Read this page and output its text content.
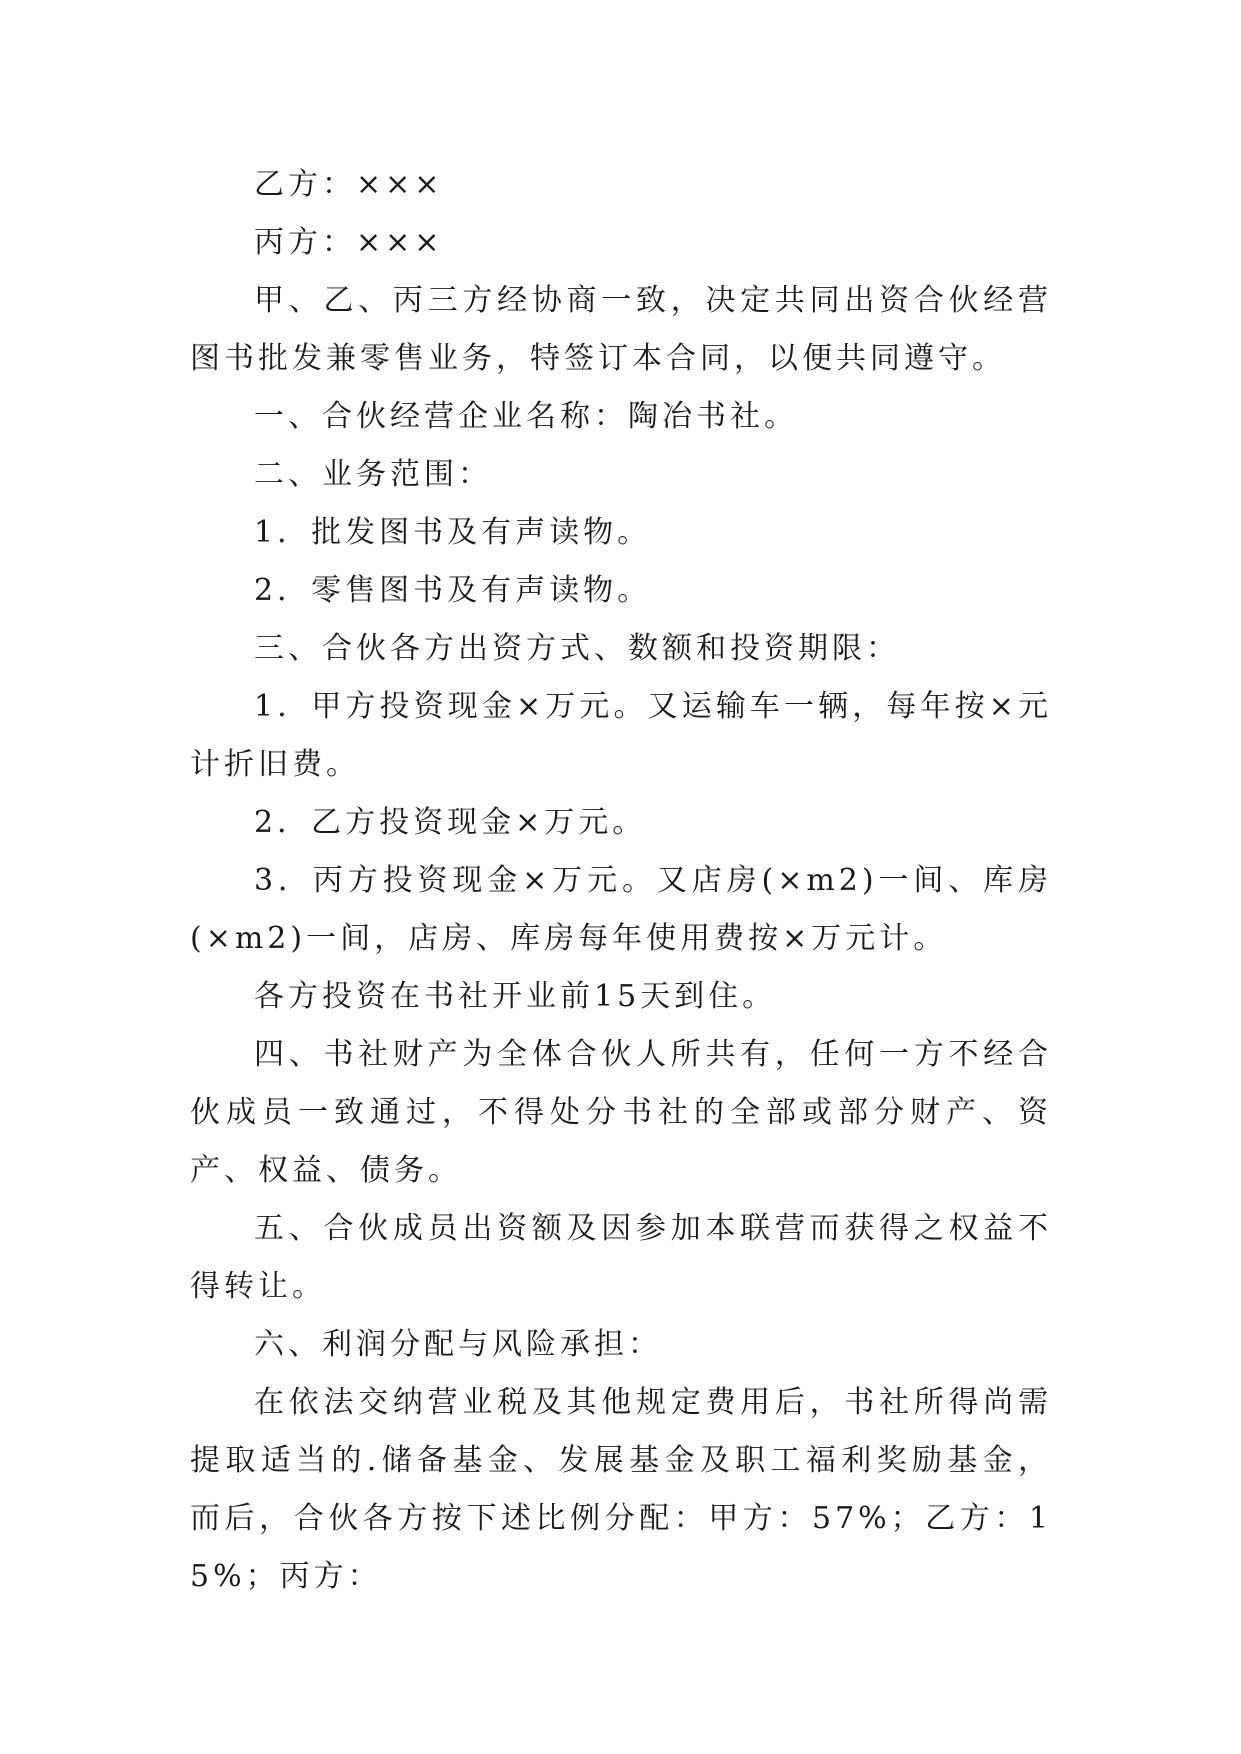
乙方：×××

丙方：×××

甲、乙、丙三方经协商一致，决定共同出资合伙经营图书批发兼零售业务，特签订本合同，以便共同遵守。

一、合伙经营企业名称：陶冶书社。

二、业务范围：

1．批发图书及有声读物。

2．零售图书及有声读物。

三、合伙各方出资方式、数额和投资期限：

1．甲方投资现金×万元。又运输车一辆，每年按×元计折旧费。

2．乙方投资现金×万元。

3．丙方投资现金×万元。又店房(×m2)一间、库房(×m2)一间，店房、库房每年使用费按×万元计。

各方投资在书社开业前15天到住。

四、书社财产为全体合伙人所共有，任何一方不经合伙成员一致通过，不得处分书社的全部或部分财产、资产、权益、债务。

五、合伙成员出资额及因参加本联营而获得之权益不得转让。

六、利润分配与风险承担：

在依法交纳营业税及其他规定费用后，书社所得尚需提取适当的.储备基金、发展基金及职工福利奖励基金，而后，合伙各方按下述比例分配：甲方：57%；乙方：15%；丙方：
